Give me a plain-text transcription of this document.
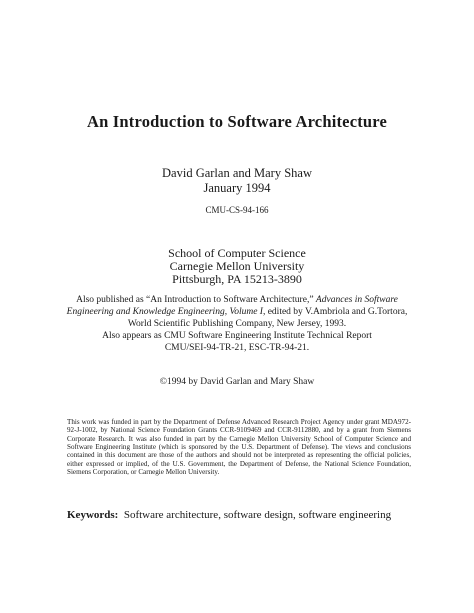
An Introduction to Software Architecture
David Garlan and Mary Shaw
January 1994
CMU-CS-94-166
School of Computer Science
Carnegie Mellon University
Pittsburgh, PA 15213-3890
Also published as “An Introduction to Software Architecture,” Advances in Software Engineering and Knowledge Engineering, Volume I, edited by V.Ambriola and G.Tortora, World Scientific Publishing Company, New Jersey, 1993.
Also appears as CMU Software Engineering Institute Technical Report
CMU/SEI-94-TR-21, ESC-TR-94-21.
©1994 by David Garlan and Mary Shaw
This work was funded in part by the Department of Defense Advanced Research Project Agency under grant MDA972-92-J-1002, by National Science Foundation Grants CCR-9109469 and CCR-9112880, and by a grant from Siemens Corporate Research. It was also funded in part by the Carnegie Mellon University School of Computer Science and Software Engineering Institute (which is sponsored by the U.S. Department of Defense). The views and conclusions contained in this document are those of the authors and should not be interpreted as representing the official policies, either expressed or implied, of the U.S. Government, the Department of Defense, the National Science Foundation, Siemens Corporation, or Carnegie Mellon University.
Keywords: Software architecture, software design, software engineering
